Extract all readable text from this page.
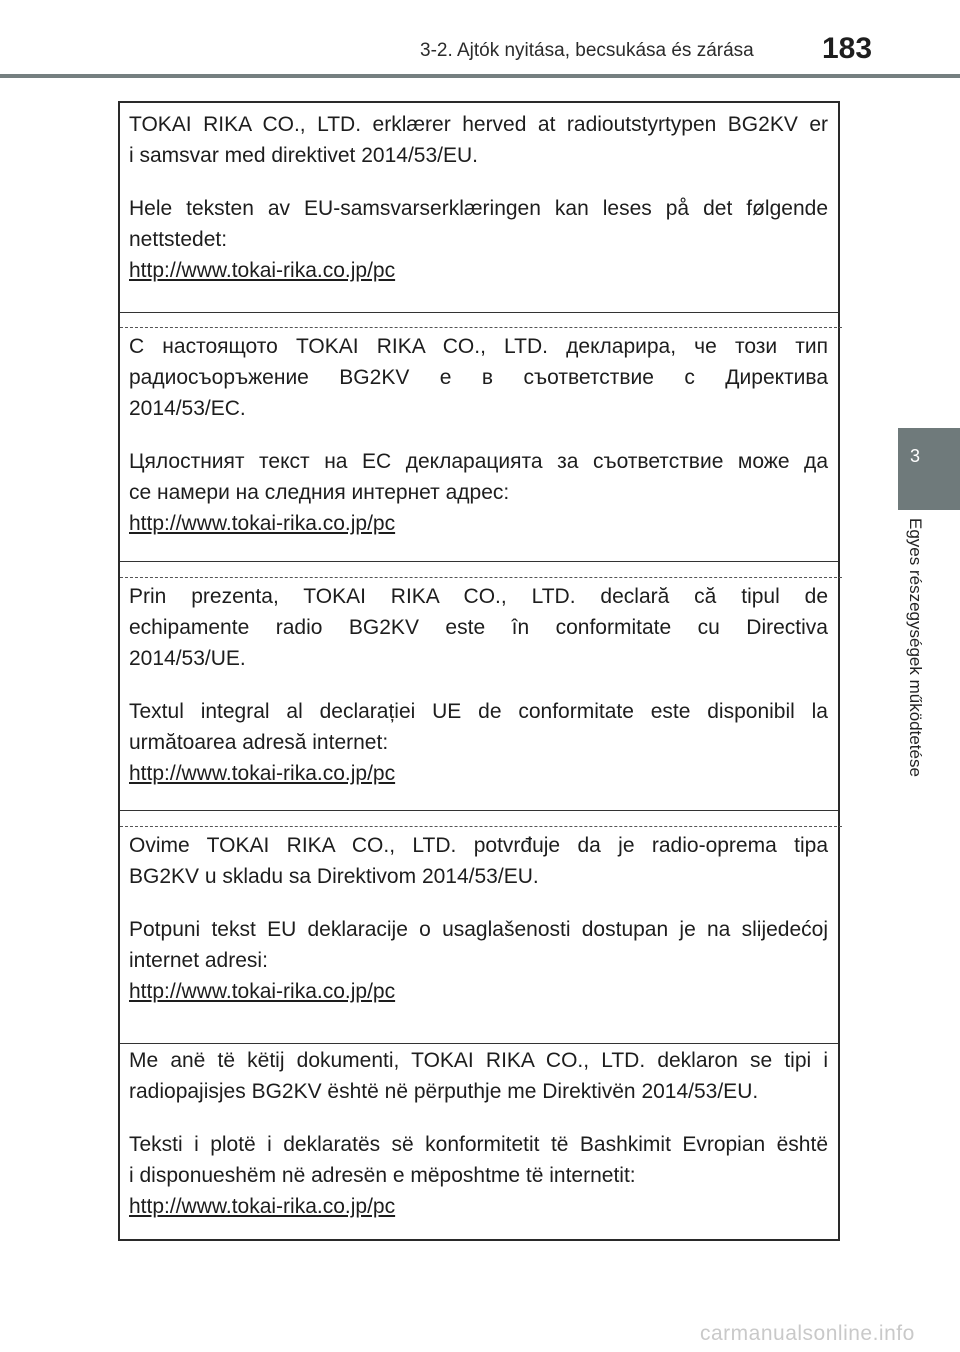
3-2. Ajtók nyitása, becsukása és zárása 183
3
Egyes részegységek működtetése

TOKAI RIKA CO., LTD. erklærer herved at radioutstyrtypen BG2KV er

i samsvar med direktivet 2014/53/EU.

Hele teksten av EU-samsvarserklæringen kan leses på det følgende

nettstedet:

http://www.tokai-rika.co.jp/pc

С настоящото TOKAI RIKA CO., LTD. декларира, че този тип

радиосъоръжение BG2KV е в съответствие с Директива

2014/53/ЕС.

Цялостният текст на ЕС декларацията за съответствие може да

се намери на следния интернет адрес:

http://www.tokai-rika.co.jp/pc

Prin prezenta, TOKAI RIKA CO., LTD. declară că tipul de

echipamente radio BG2KV este în conformitate cu Directiva

2014/53/UE.

Textul integral al declarației UE de conformitate este disponibil la

următoarea adresă internet:

http://www.tokai-rika.co.jp/pc

Ovime TOKAI RIKA CO., LTD. potvrđuje da je radio-oprema tipa

BG2KV u skladu sa Direktivom 2014/53/EU.

Potpuni tekst EU deklaracije o usaglašenosti dostupan je na slijedećoj

internet adresi:

http://www.tokai-rika.co.jp/pc

Me anë të këtij dokumenti, TOKAI RIKA CO., LTD. deklaron se tipi i

radiopajisjes BG2KV është në përputhje me Direktivën 2014/53/EU.

Teksti i plotë i deklaratës së konformitetit të Bashkimit Evropian është

i disponueshëm në adresën e mëposhtme të internetit:

http://www.tokai-rika.co.jp/pc
carmanualsonline.info
